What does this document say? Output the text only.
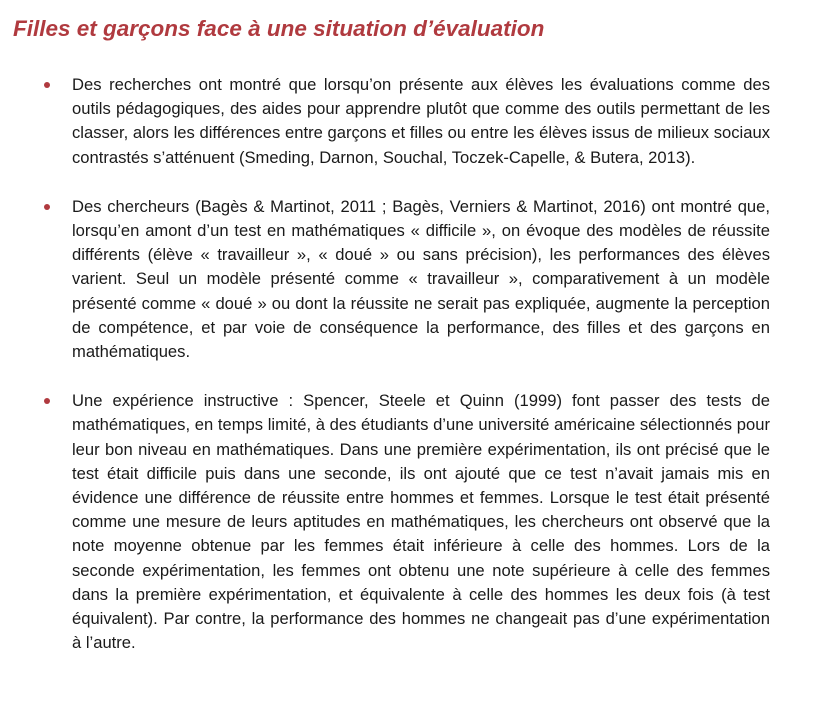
Filles et garçons face à une situation d’évaluation

Des recherches ont montré que lorsqu’on présente aux élèves les évaluations comme des outils pédagogiques, des aides pour apprendre plutôt que comme des outils permettant de les classer, alors les différences entre garçons et filles ou entre les élèves issus de milieux sociaux contrastés s’atténuent (Smeding, Darnon, Souchal, Toczek-Capelle, & Butera, 2013).

Des chercheurs (Bagès & Martinot, 2011 ; Bagès, Verniers & Martinot, 2016) ont montré que, lorsqu’en amont d’un test en mathématiques « difficile », on évoque des modèles de réussite différents (élève « travailleur », « doué » ou sans précision), les performances des élèves varient. Seul un modèle présenté comme « travailleur », comparativement à un modèle présenté comme « doué » ou dont la réussite ne serait pas expliquée, augmente la perception de compétence, et par voie de conséquence la performance, des filles et des garçons en mathématiques.

Une expérience instructive : Spencer, Steele et Quinn (1999) font passer des tests de mathématiques, en temps limité, à des étudiants d’une université américaine sélectionnés pour leur bon niveau en mathématiques. Dans une première expérimentation, ils ont précisé que le test était difficile puis dans une seconde, ils ont ajouté que ce test n’avait jamais mis en évidence une différence de réussite entre hommes et femmes. Lorsque le test était présenté comme une mesure de leurs aptitudes en mathématiques, les chercheurs ont observé que la note moyenne obtenue par les femmes était inférieure à celle des hommes. Lors de la seconde expérimentation, les femmes ont obtenu une note supérieure à celle des femmes dans la première expérimentation, et équivalente à celle des hommes les deux fois (à test équivalent). Par contre, la performance des hommes ne changeait pas d’une expérimentation à l’autre.
